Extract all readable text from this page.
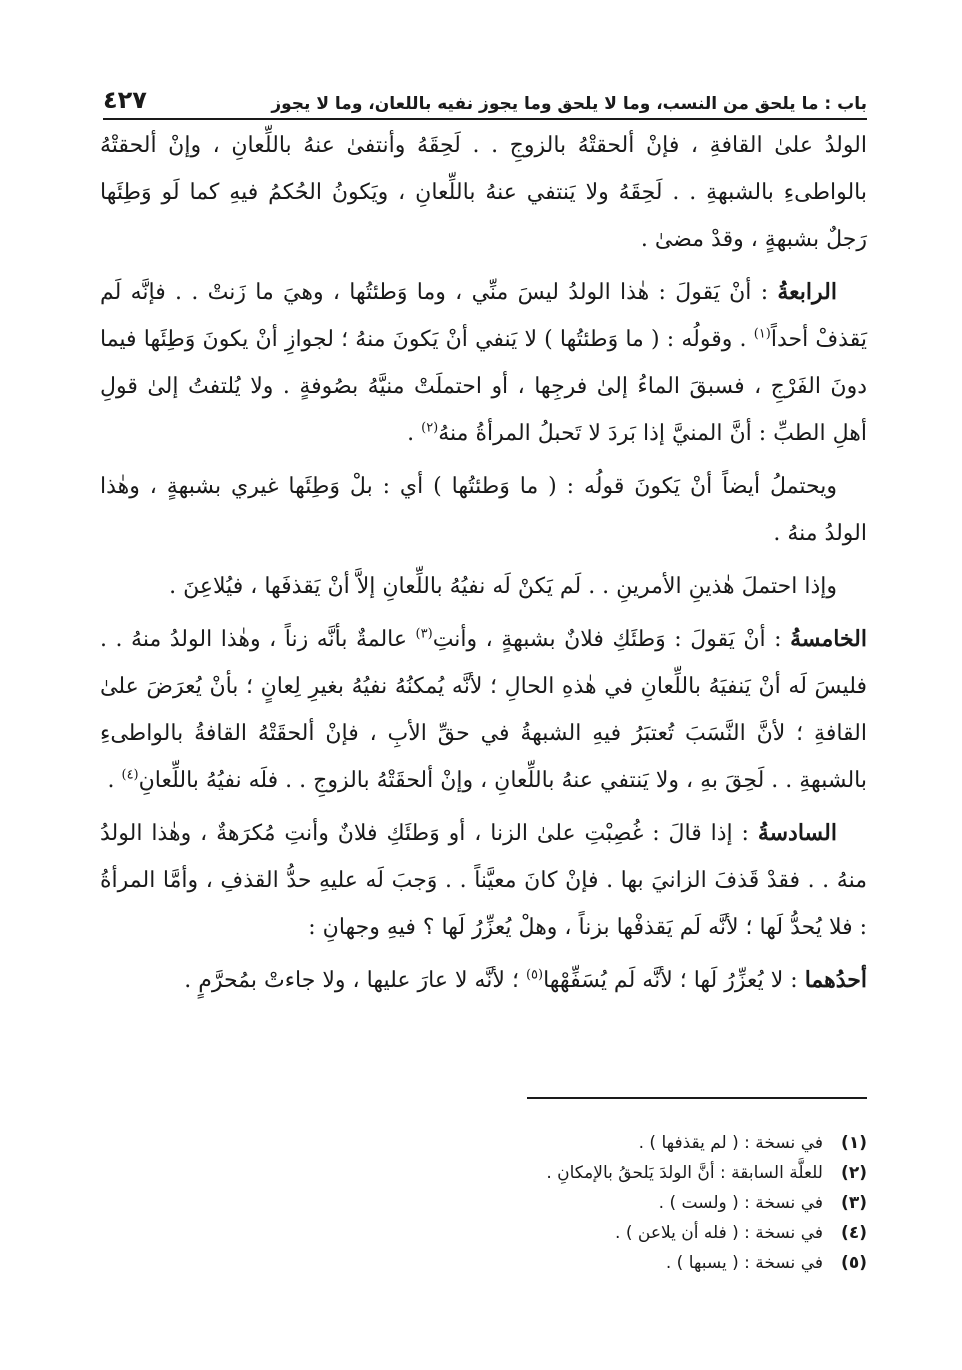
باب : ما يلحق من النسب، وما لا يلحق وما يجوز نفيه باللعان، وما لا يجوز
٤٢٧

الولدُ علىٰ القافةِ ، فإنْ ألحقتْهُ بالزوجِ . . لَحِقَهُ وأنتفىٰ عنهُ باللِّعانِ ، وإنْ ألحقتْهُ بالواطىءِ بالشبهةِ . . لَحِقَهُ ولا يَنتفي عنهُ باللِّعانِ ، ويَكونُ الحُكمُ فيهِ كما لَو وَطِئَها رَجلٌ بشبهةٍ ، وقدْ مضىٰ .

الرابعةُ : أنْ يَقولَ : هٰذا الولدُ ليسَ منِّي ، وما وَطئتُها ، وهيَ ما زَنتْ . . فإنَّه لَم يَقذفْ أحداً$^{(١)}$ . وقولُه : ( ما وَطئتُها ) لا يَنفي أنْ يَكونَ منهُ ؛ لجوازِ أنْ يكونَ وَطِئَها فيما دونَ الفَرْجِ ، فسبقَ الماءُ إلىٰ فرجِها ، أو احتملَتْ منيَّهُ بصُوفةٍ . ولا يُلتفتُ إلىٰ قولِ أهلِ الطبِّ : أنَّ المنيَّ إذا بَردَ لا تَحبلُ المرأةُ منهُ$^{(٢)}$ .

ويحتملُ أيضاً أنْ يَكونَ قولُه : ( ما وَطئتُها ) أي : بلْ وَطِئَها غيري بشبهةٍ ، وهٰذا الولدُ منهُ .

وإذا احتملَ هٰذينِ الأمرينِ . . لَم يَكنْ لَه نفيُهُ باللِّعانِ إلاَّ أنْ يَقذفَها ، فيُلاعِنَ .

الخامسةُ : أنْ يَقولَ : وَطئَكِ فلانٌ بشبهةٍ ، وأنتِ$^{(٣)}$ عالمةٌ بأنَّه زناً ، وهٰذا الولدُ منهُ . . فليسَ لَه أنْ يَنفيَهُ باللِّعانِ في هٰذهِ الحالِ ؛ لأنَّه يُمكنُهُ نفيُهُ بغيرِ لِعانٍ ؛ بأنْ يُعرَضَ علىٰ القافةِ ؛ لأنَّ النَّسَبَ تُعتبَرُ فيهِ الشبهةُ في حقِّ الأبِ ، فإنْ ألحقَتْهُ القافةُ بالواطىءِ بالشبهةِ . . لَحِقَ بهِ ، ولا يَنتفي عنهُ باللِّعانِ ، وإنْ ألحقَتْهُ بالزوجِ . . فلَه نفيُهُ باللِّعانِ$^{(٤)}$ .

السادسةُ : إذا قالَ : غُصِبْتِ علىٰ الزنا ، أو وَطئَكِ فلانٌ وأنتِ مُكرَهةٌ ، وهٰذا الولدُ منهُ . . فقدْ قَذفَ الزانيَ بها . فإنْ كانَ معيَّناً . . وَجبَ لَه عليهِ حدُّ القذفِ ، وأمَّا المرأةُ : فلا يُحدُّ لَها ؛ لأنَّه لَم يَقذفْها بزناً ، وهلْ يُعزِّرُ لَها ؟ فيهِ وجهانِ :

أحدُهما : لا يُعزِّرُ لَها ؛ لأنَّه لَم يُسَفِّهْها$^{(٥)}$ ؛ لأنَّه لا عارَ عليها ، ولا جاءتْ بمُحرَّمٍ .

(١)
في نسخة : ( لم يقذفها ) .
(٢)
للعلَّة السابقة : أنَّ الولدَ يَلحقُ بالإمكانِ .
(٣)
في نسخة : ( ولست ) .
(٤)
في نسخة : ( فله أن يلاعن ) .
(٥)
في نسخة : ( يسبها ) .
